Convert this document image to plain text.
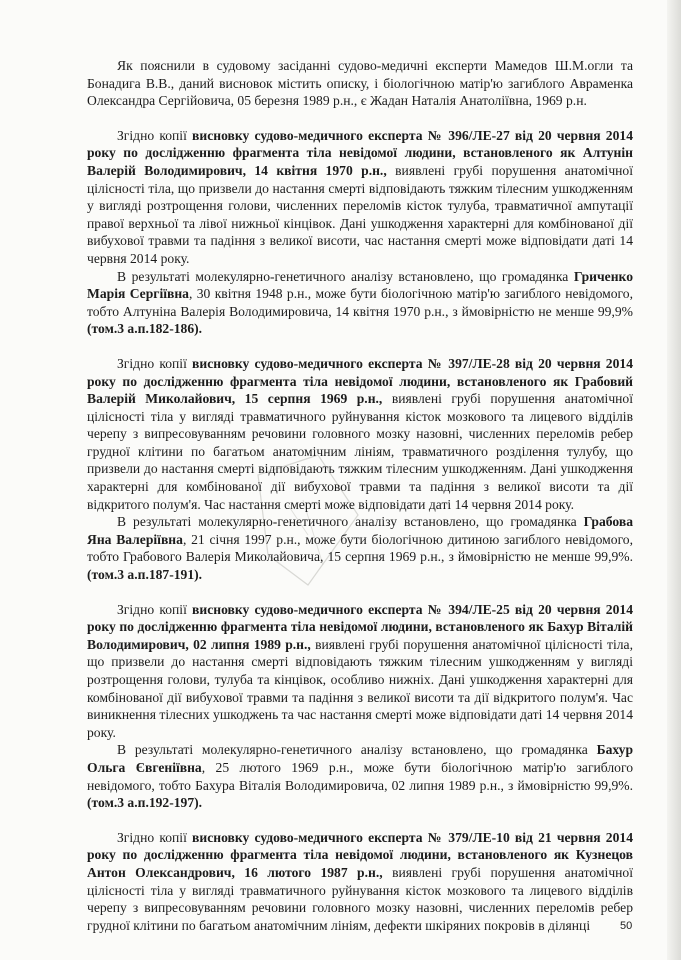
Як пояснили в судовому засіданні судово-медичні експерти Мамедов Ш.М.огли та Бонадига В.В., даний висновок містить опиcку, і біологічною матір'ю загиблого Авраменка Олександра Сергійовича, 05 березня 1989 р.н., є Жадан Наталія Анатоліївна, 1969 р.н.

Згідно копії висновку судово-медичного експерта № 396/ЛЕ-27 від 20 червня 2014 року по дослідженню фрагмента тіла невідомої людини, встановленого як Алтунін Валерій Володимирович, 14 квітня 1970 р.н., виявлені грубі порушення анатомічної цілісності тіла, що призвели до настання смерті відповідають тяжким тілесним ушкодженням у вигляді розтрощення голови, численних переломів кісток тулуба, травматичної ампутації правої верхньої та лівої нижньої кінцівок. Дані ушкодження характерні для комбінованої дії вибухової травми та падіння з великої висоти, час настання смерті може відповідати даті 14 червня 2014 року.

В результаті молекулярно-генетичного аналізу встановлено, що громадянка Гриченко Марія Сергіївна, 30 квітня 1948 р.н., може бути біологічною матір'ю загиблого невідомого, тобто Алтуніна Валерія Володимировича, 14 квітня 1970 р.н., з ймовірністю не менше 99,9% (том.3 а.п.182-186).

Згідно копії висновку судово-медичного експерта № 397/ЛЕ-28 від 20 червня 2014 року по дослідженню фрагмента тіла невідомої людини, встановленого як Грабовий Валерій Миколайович, 15 серпня 1969 р.н., виявлені грубі порушення анатомічної цілісності тіла у вигляді травматичного руйнування кісток мозкового та лицевого відділів черепу з випресовуванням речовини головного мозку назовні, численних переломів ребер грудної клітини по багатьом анатомічним лініям, травматичного розділення тулубу, що призвели до настання смерті відповідають тяжким тілесним ушкодженням. Дані ушкодження характерні для комбінованої дії вибухової травми та падіння з великої висоти та дії відкритого полум'я. Час настання смерті може відповідати даті 14 червня 2014 року.

В результаті молекулярно-генетичного аналізу встановлено, що громадянка Грабова Яна Валеріївна, 21 січня 1997 р.н., може бути біологічною дитиною загиблого невідомого, тобто Грабового Валерія Миколайовича, 15 серпня 1969 р.н., з ймовірністю не менше 99,9%. (том.3 а.п.187-191).

Згідно копії висновку судово-медичного експерта № 394/ЛЕ-25 від 20 червня 2014 року по дослідженню фрагмента тіла невідомої людини, встановленого як Бахур Віталій Володимирович, 02 липня 1989 р.н., виявлені грубі порушення анатомічної цілісності тіла, що призвели до настання смерті відповідають тяжким тілесним ушкодженням у вигляді розтрощення голови, тулуба та кінцівок, особливо нижніх. Дані ушкодження характерні для комбінованої дії вибухової травми та падіння з великої висоти та дії відкритого полум'я. Час виникнення тілесних ушкоджень та час настання смерті може відповідати даті 14 червня 2014 року.

В результаті молекулярно-генетичного аналізу встановлено, що громадянка Бахур Ольга Євгеніївна, 25 лютого 1969 р.н., може бути біологічною матір'ю загиблого невідомого, тобто Бахура Віталія Володимировича, 02 липня 1989 р.н., з ймовірністю 99,9%. (том.3 а.п.192-197).

Згідно копії висновку судово-медичного експерта № 379/ЛЕ-10 від 21 червня 2014 року по дослідженню фрагмента тіла невідомої людини, встановленого як Кузнецов Антон Олександрович, 16 лютого 1987 р.н., виявлені грубі порушення анатомічної цілісності тіла у вигляді травматичного руйнування кісток мозкового та лицевого відділів черепу з випресовуванням речовини головного мозку назовні, численних переломів ребер грудної клітини по багатьом анатомічним лініям, дефекти шкіряних покровів в ділянці	50
